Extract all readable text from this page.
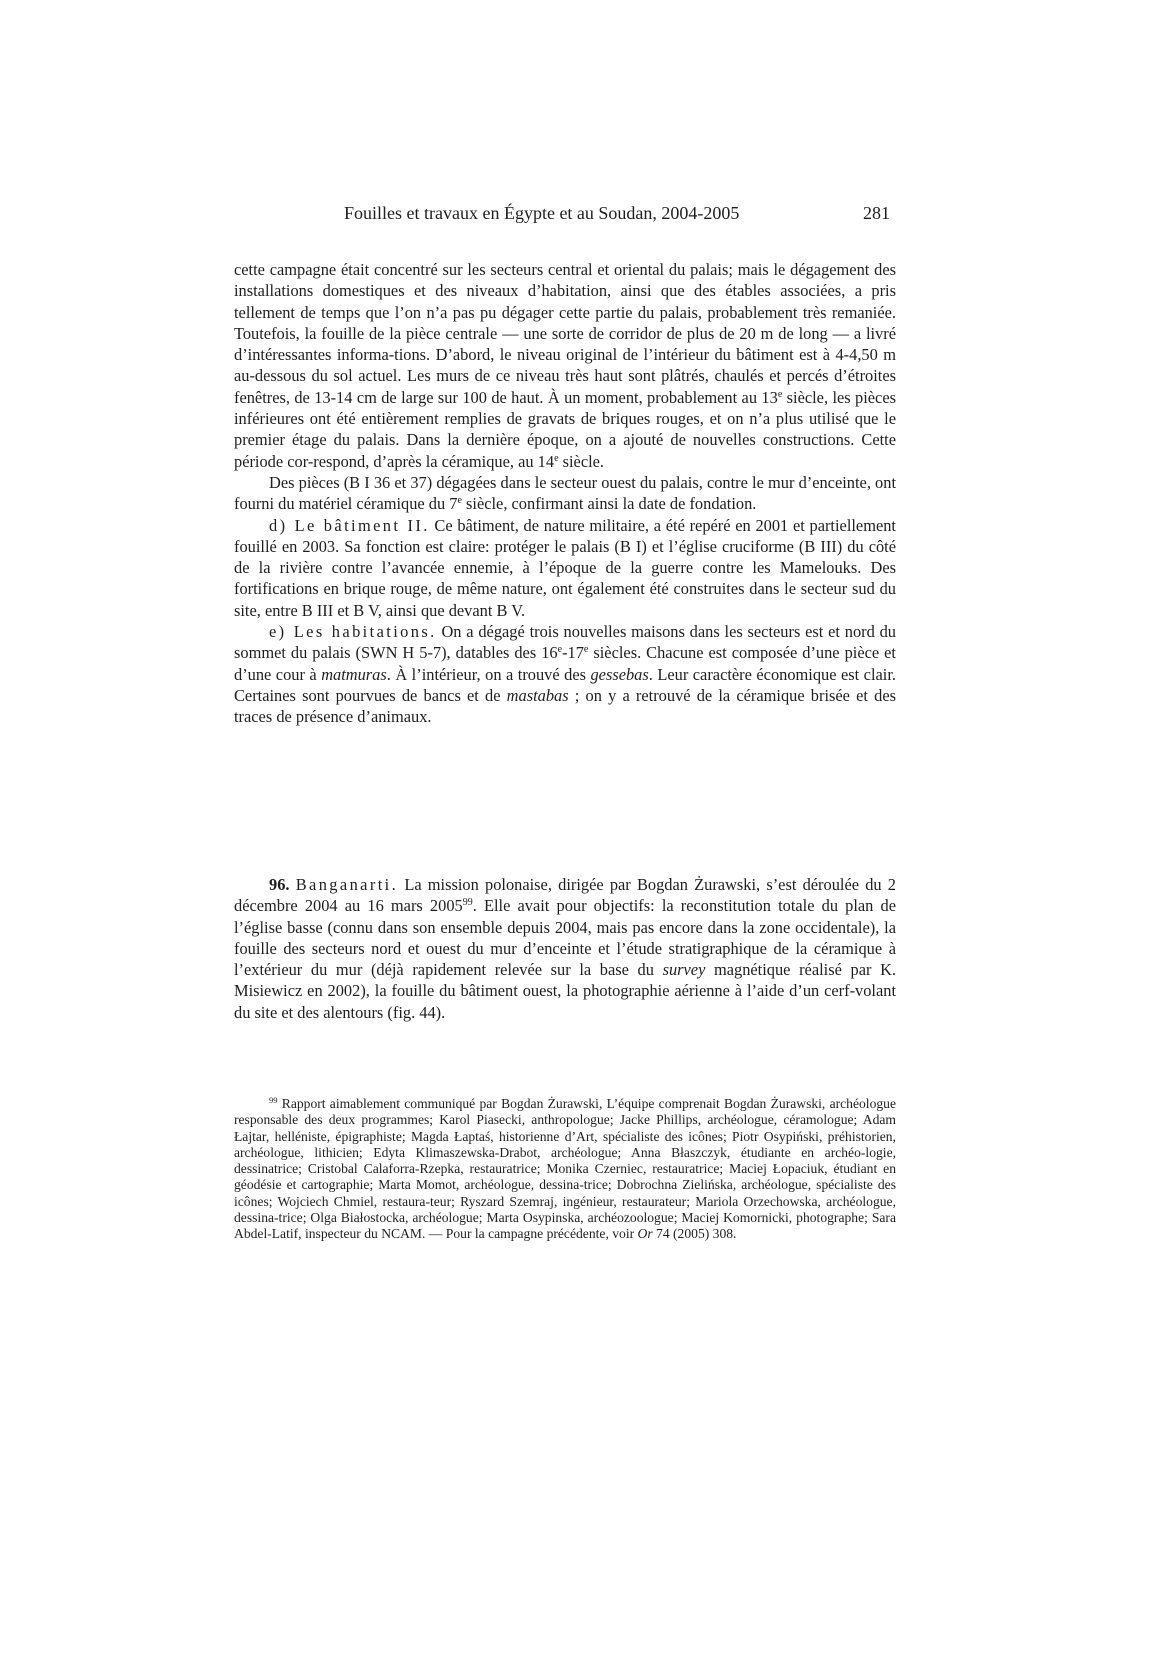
Fouilles et travaux en Égypte et au Soudan, 2004-2005	281

cette campagne était concentré sur les secteurs central et oriental du palais; mais le dégagement des installations domestiques et des niveaux d’habitation, ainsi que des étables associées, a pris tellement de temps que l’on n’a pas pu dégager cette partie du palais, probablement très remaniée. Toutefois, la fouille de la pièce centrale — une sorte de corridor de plus de 20 m de long — a livré d’intéressantes informa-tions. D’abord, le niveau original de l’intérieur du bâtiment est à 4-4,50 m au-dessous du sol actuel. Les murs de ce niveau très haut sont plâtrés, chaulés et percés d’étroites fenêtres, de 13-14 cm de large sur 100 de haut. À un moment, probablement au 13e siècle, les pièces inférieures ont été entièrement remplies de gravats de briques rouges, et on n’a plus utilisé que le premier étage du palais. Dans la dernière époque, on a ajouté de nouvelles constructions. Cette période cor-respond, d’après la céramique, au 14e siècle.

Des pièces (B I 36 et 37) dégagées dans le secteur ouest du palais, contre le mur d’enceinte, ont fourni du matériel céramique du 7e siècle, confirmant ainsi la date de fondation.

d) Le bâtiment II. Ce bâtiment, de nature militaire, a été repéré en 2001 et partiellement fouillé en 2003. Sa fonction est claire: protéger le palais (B I) et l’église cruciforme (B III) du côté de la rivière contre l’avancée ennemie, à l’époque de la guerre contre les Mamelouks. Des fortifications en brique rouge, de même nature, ont également été construites dans le secteur sud du site, entre B III et B V, ainsi que devant B V.

e) Les habitations. On a dégagé trois nouvelles maisons dans les secteurs est et nord du sommet du palais (SWN H 5-7), datables des 16e-17e siècles. Chacune est composée d’une pièce et d’une cour à matmuras. À l’intérieur, on a trouvé des gessebas. Leur caractère économique est clair. Certaines sont pourvues de bancs et de mastabas ; on y a retrouvé de la céramique brisée et des traces de présence d’animaux.

96. Banganarti. La mission polonaise, dirigée par Bogdan Żurawski, s’est déroulée du 2 décembre 2004 au 16 mars 2005$^{99}$. Elle avait pour objectifs: la reconstitution totale du plan de l’église basse (connu dans son ensemble depuis 2004, mais pas encore dans la zone occidentale), la fouille des secteurs nord et ouest du mur d’enceinte et l’étude stratigraphique de la céramique à l’extérieur du mur (déjà rapidement relevée sur la base du survey magnétique réalisé par K. Misiewicz en 2002), la fouille du bâtiment ouest, la photographie aérienne à l’aide d’un cerf-volant du site et des alentours (fig. 44).

$^{99}$ Rapport aimablement communiqué par Bogdan Żurawski, L’équipe comprenait Bogdan Żurawski, archéologue responsable des deux programmes; Karol Piasecki, anthropologue; Jacke Phillips, archéologue, céramologue; Adam Łajtar, helléniste, épigraphiste; Magda Łaptaś, historienne d’Art, spécialiste des icônes; Piotr Osypiński, préhistorien, archéologue, lithicien; Edyta Klimaszewska-Drabot, archéologue; Anna Błaszczyk, étudiante en archéo-logie, dessinatrice; Cristobal Calaforra-Rzepka, restauratrice; Monika Czerniec, restauratrice; Maciej Łopaciuk, étudiant en géodésie et cartographie; Marta Momot, archéologue, dessina-trice; Dobrochna Zielińska, archéologue, spécialiste des icônes; Wojciech Chmiel, restaura-teur; Ryszard Szemraj, ingénieur, restaurateur; Mariola Orzechowska, archéologue, dessina-trice; Olga Białostocka, archéologue; Marta Osypinska, archéozoologue; Maciej Komornicki, photographe; Sara Abdel-Latif, inspecteur du NCAM. — Pour la campagne précédente, voir Or 74 (2005) 308.
